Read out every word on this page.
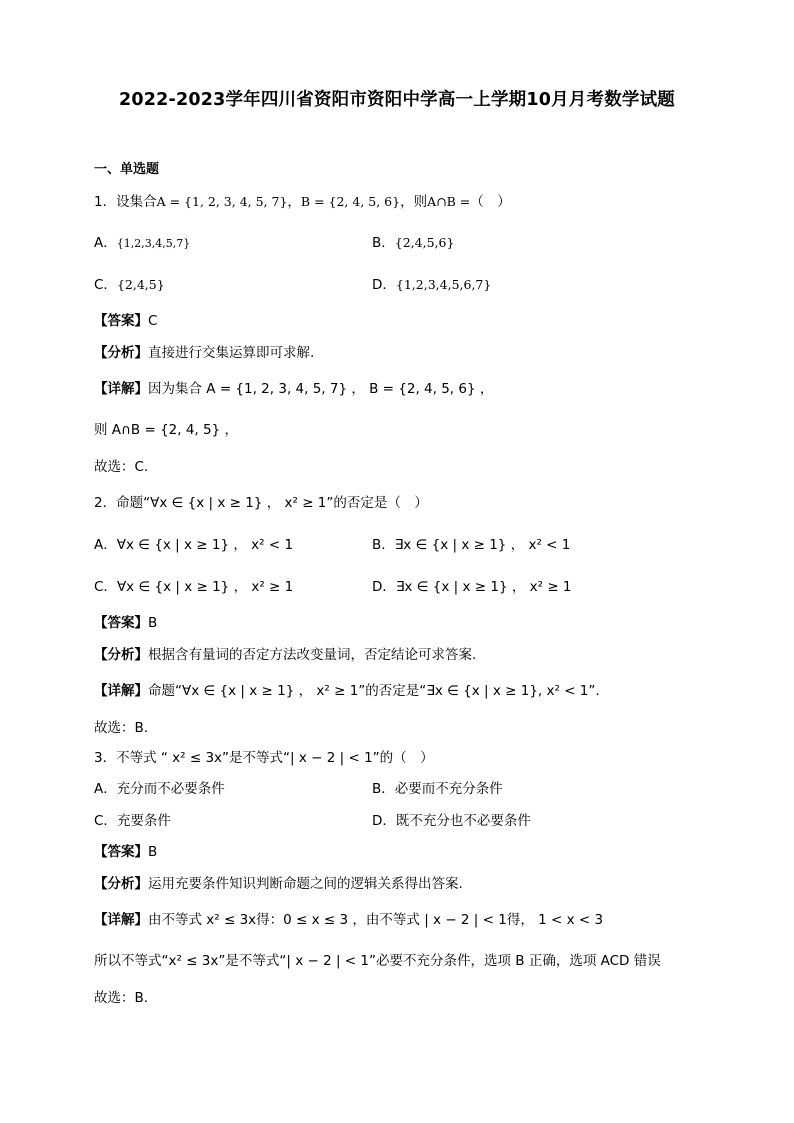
2022-2023学年四川省资阳市资阳中学高一上学期10月月考数学试题
一、单选题
1．设集合A = {1, 2, 3, 4, 5, 7}，B = {2, 4, 5, 6}，则A∩B =（　）
A．{1,2,3,4,5,7}	B．{2,4,5,6}
C．{2,4,5}	D．{1,2,3,4,5,6,7}
【答案】C
【分析】直接进行交集运算即可求解.
【详解】因为集合 A = {1, 2, 3, 4, 5, 7} ， B = {2, 4, 5, 6} ，
则 A∩B = {2, 4, 5} ，
故选：C.
2．命题“∀x ∈ {x | x ≥ 1} ， x² ≥ 1”的否定是（　）
A．∀x ∈ {x | x ≥ 1} ， x² < 1	B．∃x ∈ {x | x ≥ 1} ， x² < 1
C．∀x ∈ {x | x ≥ 1} ， x² ≥ 1	D．∃x ∈ {x | x ≥ 1} ， x² ≥ 1
【答案】B
【分析】根据含有量词的否定方法改变量词，否定结论可求答案.
【详解】命题“∀x ∈ {x | x ≥ 1} ， x² ≥ 1”的否定是“∃x ∈ {x | x ≥ 1}, x² < 1”.
故选：B.
3．不等式 “ x² ≤ 3x”是不等式“| x − 2 | < 1”的（　）
A．充分而不必要条件	B．必要而不充分条件
C．充要条件	D．既不充分也不必要条件
【答案】B
【分析】运用充要条件知识判断命题之间的逻辑关系得出答案.
【详解】由不等式 x² ≤ 3x得：0 ≤ x ≤ 3 ，由不等式 | x − 2 | < 1得， 1 < x < 3
所以不等式“x² ≤ 3x”是不等式“| x − 2 | < 1”必要不充分条件，选项 B 正确，选项 ACD 错误
故选：B.
